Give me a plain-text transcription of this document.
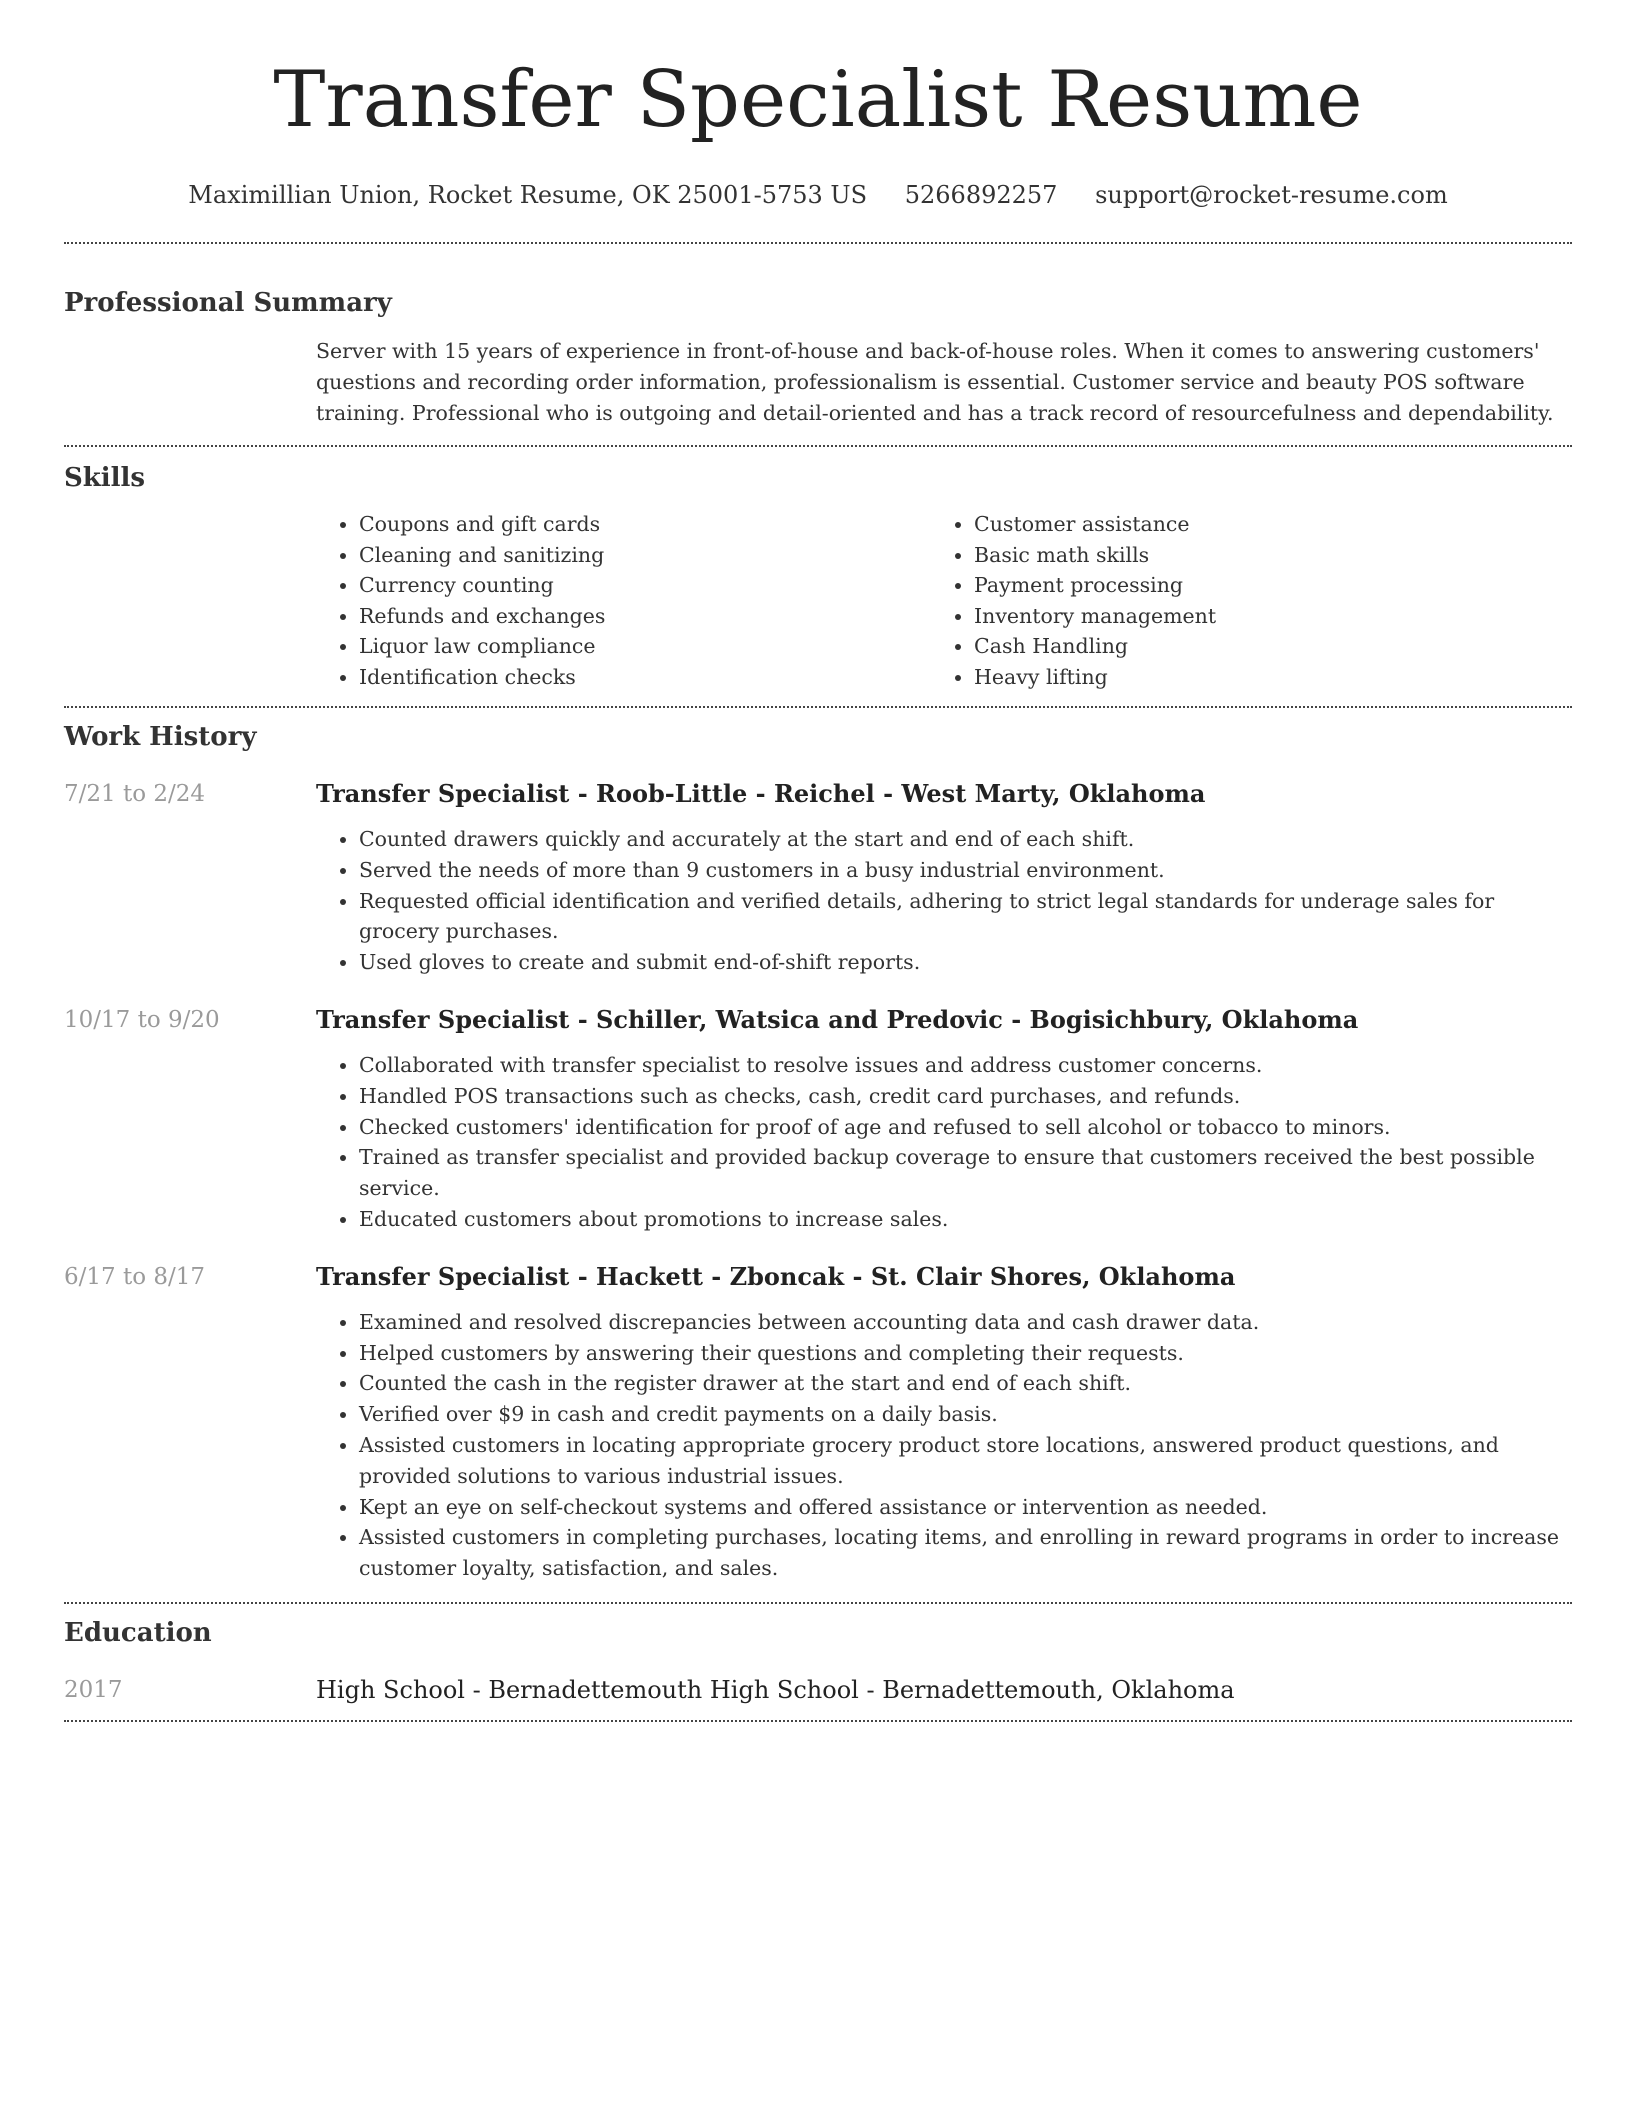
Transfer Specialist Resume
Maximillian Union, Rocket Resume, OK 25001-5753 US 5266892257 support@rocket-resume.com
Professional Summary

Server with 15 years of experience in front-of-house and back-of-house roles. When it comes to answering customers' questions and recording order information, professionalism is essential. Customer service and beauty POS software training. Professional who is outgoing and detail-oriented and has a track record of resourcefulness and dependability.

Skills
• Coupons and gift cards
• Cleaning and sanitizing
• Currency counting
• Refunds and exchanges
• Liquor law compliance
• Identification checks
• Customer assistance
• Basic math skills
• Payment processing
• Inventory management
• Cash Handling
• Heavy lifting
Work History
7/21 to 2/24	Transfer Specialist - Roob-Little - Reichel - West Marty, Oklahoma
• Counted drawers quickly and accurately at the start and end of each shift.
• Served the needs of more than 9 customers in a busy industrial environment.
• Requested official identification and verified details, adhering to strict legal standards for underage sales for grocery purchases.
• Used gloves to create and submit end-of-shift reports.
10/17 to 9/20	Transfer Specialist - Schiller, Watsica and Predovic - Bogisichbury, Oklahoma
• Collaborated with transfer specialist to resolve issues and address customer concerns.
• Handled POS transactions such as checks, cash, credit card purchases, and refunds.
• Checked customers' identification for proof of age and refused to sell alcohol or tobacco to minors.
• Trained as transfer specialist and provided backup coverage to ensure that customers received the best possible service.
• Educated customers about promotions to increase sales.
6/17 to 8/17	Transfer Specialist - Hackett - Zboncak - St. Clair Shores, Oklahoma
• Examined and resolved discrepancies between accounting data and cash drawer data.
• Helped customers by answering their questions and completing their requests.
• Counted the cash in the register drawer at the start and end of each shift.
• Verified over $9 in cash and credit payments on a daily basis.
• Assisted customers in locating appropriate grocery product store locations, answered product questions, and provided solutions to various industrial issues.
• Kept an eye on self-checkout systems and offered assistance or intervention as needed.
• Assisted customers in completing purchases, locating items, and enrolling in reward programs in order to increase customer loyalty, satisfaction, and sales.
Education
2017	High School - Bernadettemouth High School - Bernadettemouth, Oklahoma
